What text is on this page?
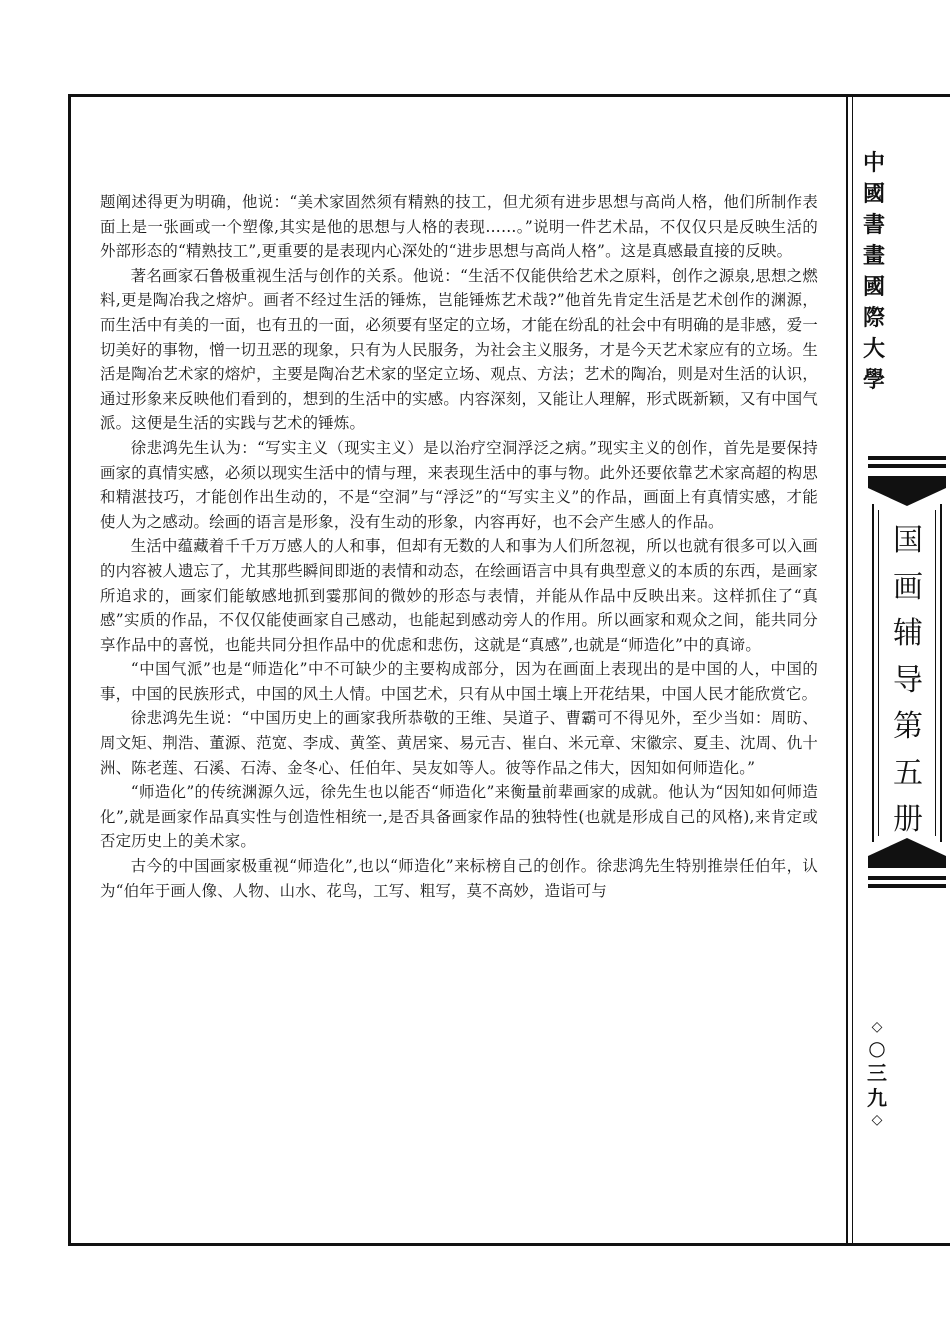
题阐述得更为明确，他说：“美术家固然须有精熟的技工，但尤须有进步思想与高尚人格，他们所制作表面上是一张画或一个塑像,其实是他的思想与人格的表现……。”说明一件艺术品，不仅仅只是反映生活的外部形态的“精熟技工”,更重要的是表现内心深处的“进步思想与高尚人格”。这是真感最直接的反映。

著名画家石鲁极重视生活与创作的关系。他说：“生活不仅能供给艺术之原料，创作之源泉,思想之燃料,更是陶冶我之熔炉。画者不经过生活的锤炼，岂能锤炼艺术哉?”他首先肯定生活是艺术创作的渊源，而生活中有美的一面，也有丑的一面，必须要有坚定的立场，才能在纷乱的社会中有明确的是非感，爱一切美好的事物，憎一切丑恶的现象，只有为人民服务，为社会主义服务，才是今天艺术家应有的立场。生活是陶冶艺术家的熔炉，主要是陶冶艺术家的坚定立场、观点、方法；艺术的陶冶，则是对生活的认识，通过形象来反映他们看到的，想到的生活中的实感。内容深刻，又能让人理解，形式既新颖，又有中国气派。这便是生活的实践与艺术的锤炼。

徐悲鸿先生认为：“写实主义（现实主义）是以治疗空洞浮泛之病。”现实主义的创作，首先是要保持画家的真情实感，必须以现实生活中的情与理，来表现生活中的事与物。此外还要依靠艺术家高超的构思和精湛技巧，才能创作出生动的，不是“空洞”与“浮泛”的“写实主义”的作品，画面上有真情实感，才能使人为之感动。绘画的语言是形象，没有生动的形象，内容再好，也不会产生感人的作品。

生活中蕴藏着千千万万感人的人和事，但却有无数的人和事为人们所忽视，所以也就有很多可以入画的内容被人遗忘了，尤其那些瞬间即逝的表情和动态，在绘画语言中具有典型意义的本质的东西，是画家所追求的，画家们能敏感地抓到霎那间的微妙的形态与表情，并能从作品中反映出来。这样抓住了“真感”实质的作品，不仅仅能使画家自己感动，也能起到感动旁人的作用。所以画家和观众之间，能共同分享作品中的喜悦，也能共同分担作品中的优虑和悲伤，这就是“真感”,也就是“师造化”中的真谛。

“中国气派”也是“师造化”中不可缺少的主要构成部分，因为在画面上表现出的是中国的人，中国的事，中国的民族形式，中国的风土人情。中国艺术，只有从中国土壤上开花结果，中国人民才能欣赏它。

徐悲鸿先生说：“中国历史上的画家我所恭敬的王维、吴道子、曹霸可不得见外，至少当如：周昉、周文矩、荆浩、董源、范宽、李成、黄筌、黄居寀、易元吉、崔白、米元章、宋徽宗、夏圭、沈周、仇十洲、陈老莲、石溪、石涛、金冬心、任伯年、吴友如等人。彼等作品之伟大，因知如何师造化。”

“师造化”的传统渊源久远，徐先生也以能否“师造化”来衡量前辈画家的成就。他认为“因知如何师造化”,就是画家作品真实性与创造性相统一,是否具备画家作品的独特性(也就是形成自己的风格),来肯定或否定历史上的美术家。

古今的中国画家极重视“师造化”,也以“师造化”来标榜自己的创作。徐悲鸿先生特别推崇任伯年，认为“伯年于画人像、人物、山水、花鸟，工写、粗写，莫不高妙，造诣可与

中
國
書
畫
國
際
大
學
国
画
辅
导
第
五
册
◇
○
三
九
◇
